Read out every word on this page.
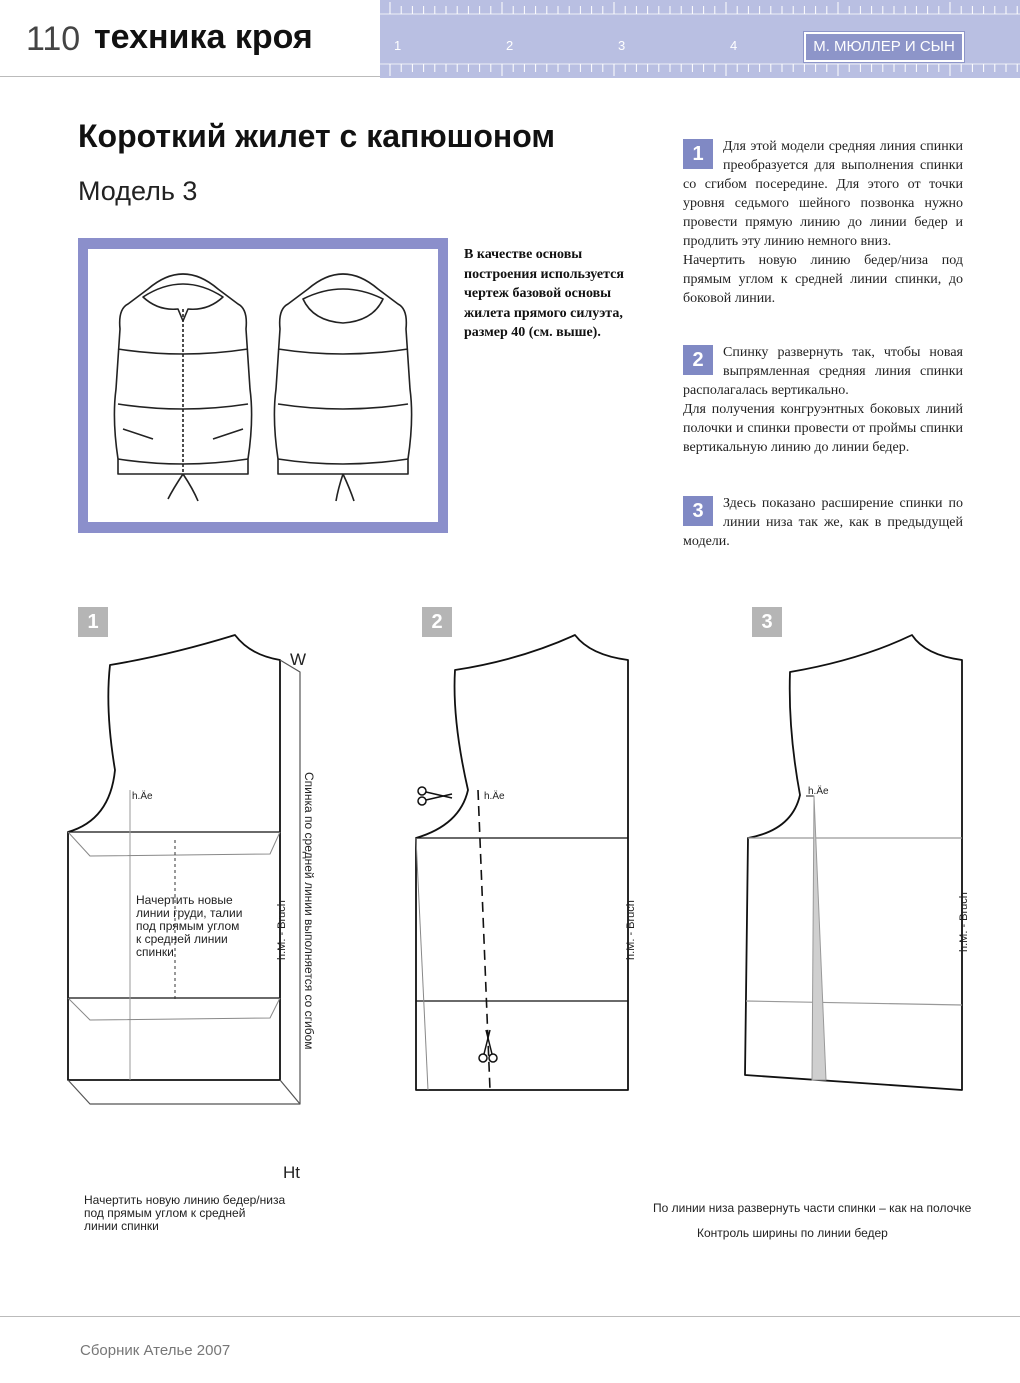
110 техника кроя	1	2	3	4	М. МЮЛЛЕР И СЫН
Короткий жилет с капюшоном
Модель 3
В качестве основы построения используется чертеж базовой основы жилета прямого силуэта, размер 40 (см. выше).
1	Для этой модели средняя линия спинки преобразуется для выполнения спинки со сгибом посередине. Для этого от точки уровня седьмого шейного позвонка нужно провести прямую линию до линии бедер и продлить эту линию немного вниз.

Начертить новую линию бедер/низа под прямым углом к средней линии спинки, до боковой линии.

2	Спинку развернуть так, чтобы новая выпрямленная средняя линия спинки располагалась вертикально.

Для получения конгруэнтных боковых линий полочки и спинки провести от проймы спинки вертикальную линию до линии бедер.

3	Здесь показано расширение спинки по линии низа так же, как в предыдущей модели.

1	2	3
W
Ht
h.Äe	h.Äe	h.Äe
h.M. - Bruch	h.M. - Bruch	h.M. - Bruch
Спинка по средней линии выполняется со сгибом
Начертить новые
линии груди, талии
под прямым углом
к средней линии
спинки
Начертить новую линию бедер/низа
под прямым углом к средней
линии спинки
По линии низа развернуть части спинки – как на полочке
Контроль ширины по линии бедер
Сборник Ателье 2007
